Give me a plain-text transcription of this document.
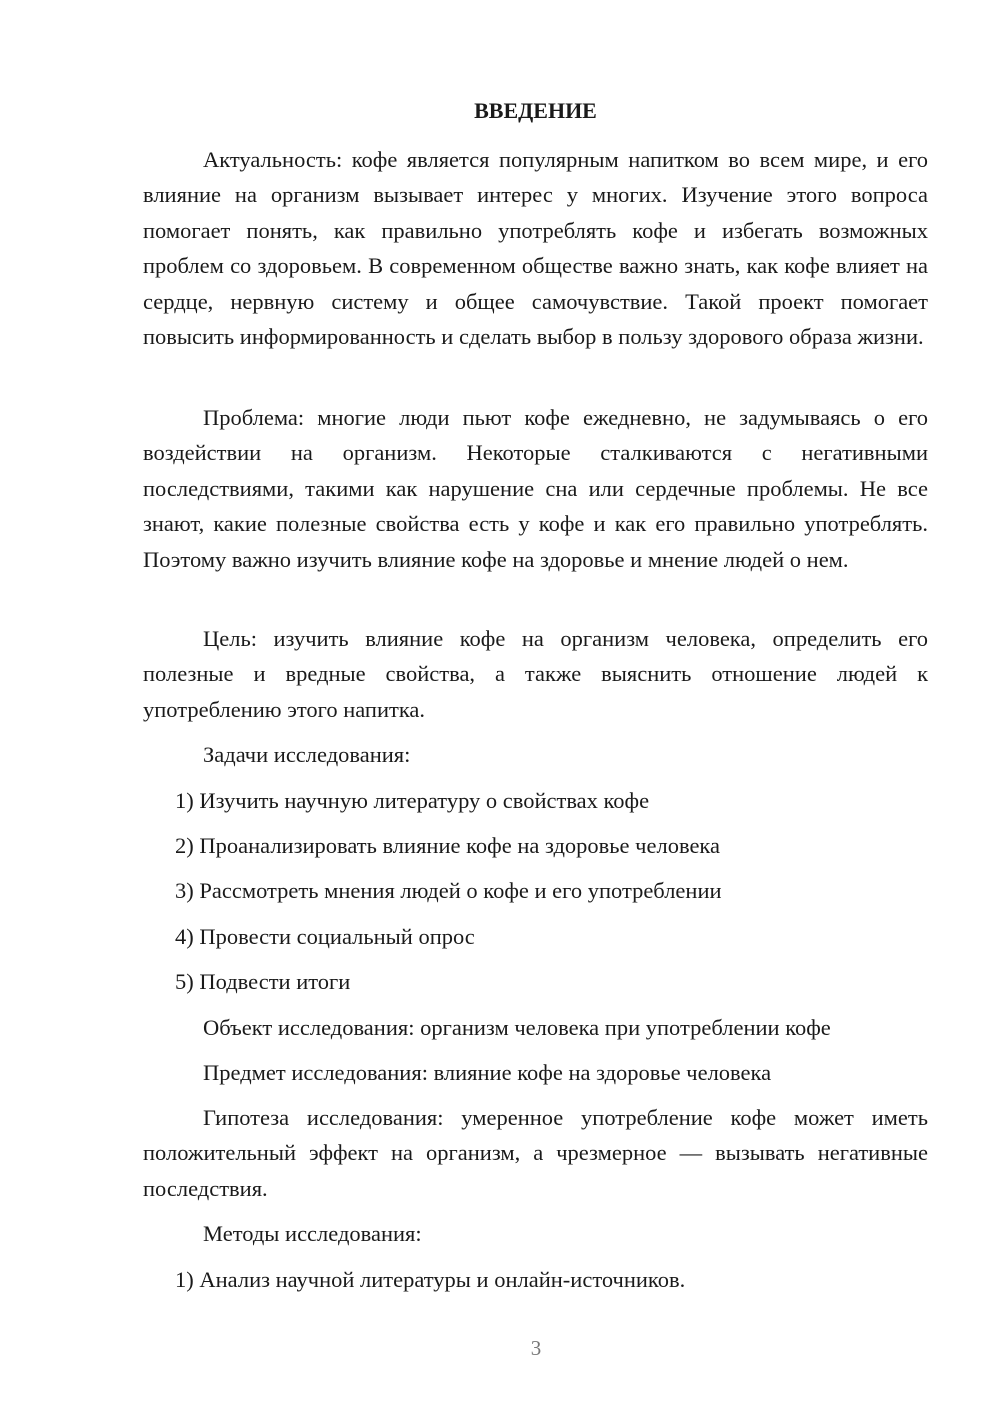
ВВЕДЕНИЕ

Актуальность: кофе является популярным напитком во всем мире, и его влияние на организм вызывает интерес у многих. Изучение этого вопроса помогает понять, как правильно употреблять кофе и избегать возможных проблем со здоровьем. В современном обществе важно знать, как кофе влияет на сердце, нервную систему и общее самочувствие. Такой проект помогает повысить информированность и сделать выбор в пользу здорового образа жизни.

Проблема: многие люди пьют кофе ежедневно, не задумываясь о его воздействии на организм. Некоторые сталкиваются с негативными последствиями, такими как нарушение сна или сердечные проблемы. Не все знают, какие полезные свойства есть у кофе и как его правильно употреблять. Поэтому важно изучить влияние кофе на здоровье и мнение людей о нем.

Цель: изучить влияние кофе на организм человека, определить его полезные и вредные свойства, а также выяснить отношение людей к употреблению этого напитка.

Задачи исследования:

1) Изучить научную литературу о свойствах кофе

2) Проанализировать влияние кофе на здоровье человека

3) Рассмотреть мнения людей о кофе и его употреблении

4) Провести социальный опрос

5) Подвести итоги

Объект исследования: организм человека при употреблении кофе

Предмет исследования: влияние кофе на здоровье человека

Гипотеза исследования: умеренное употребление кофе может иметь положительный эффект на организм, а чрезмерное — вызывать негативные последствия.

Методы исследования:

1) Анализ научной литературы и онлайн-источников.

3
